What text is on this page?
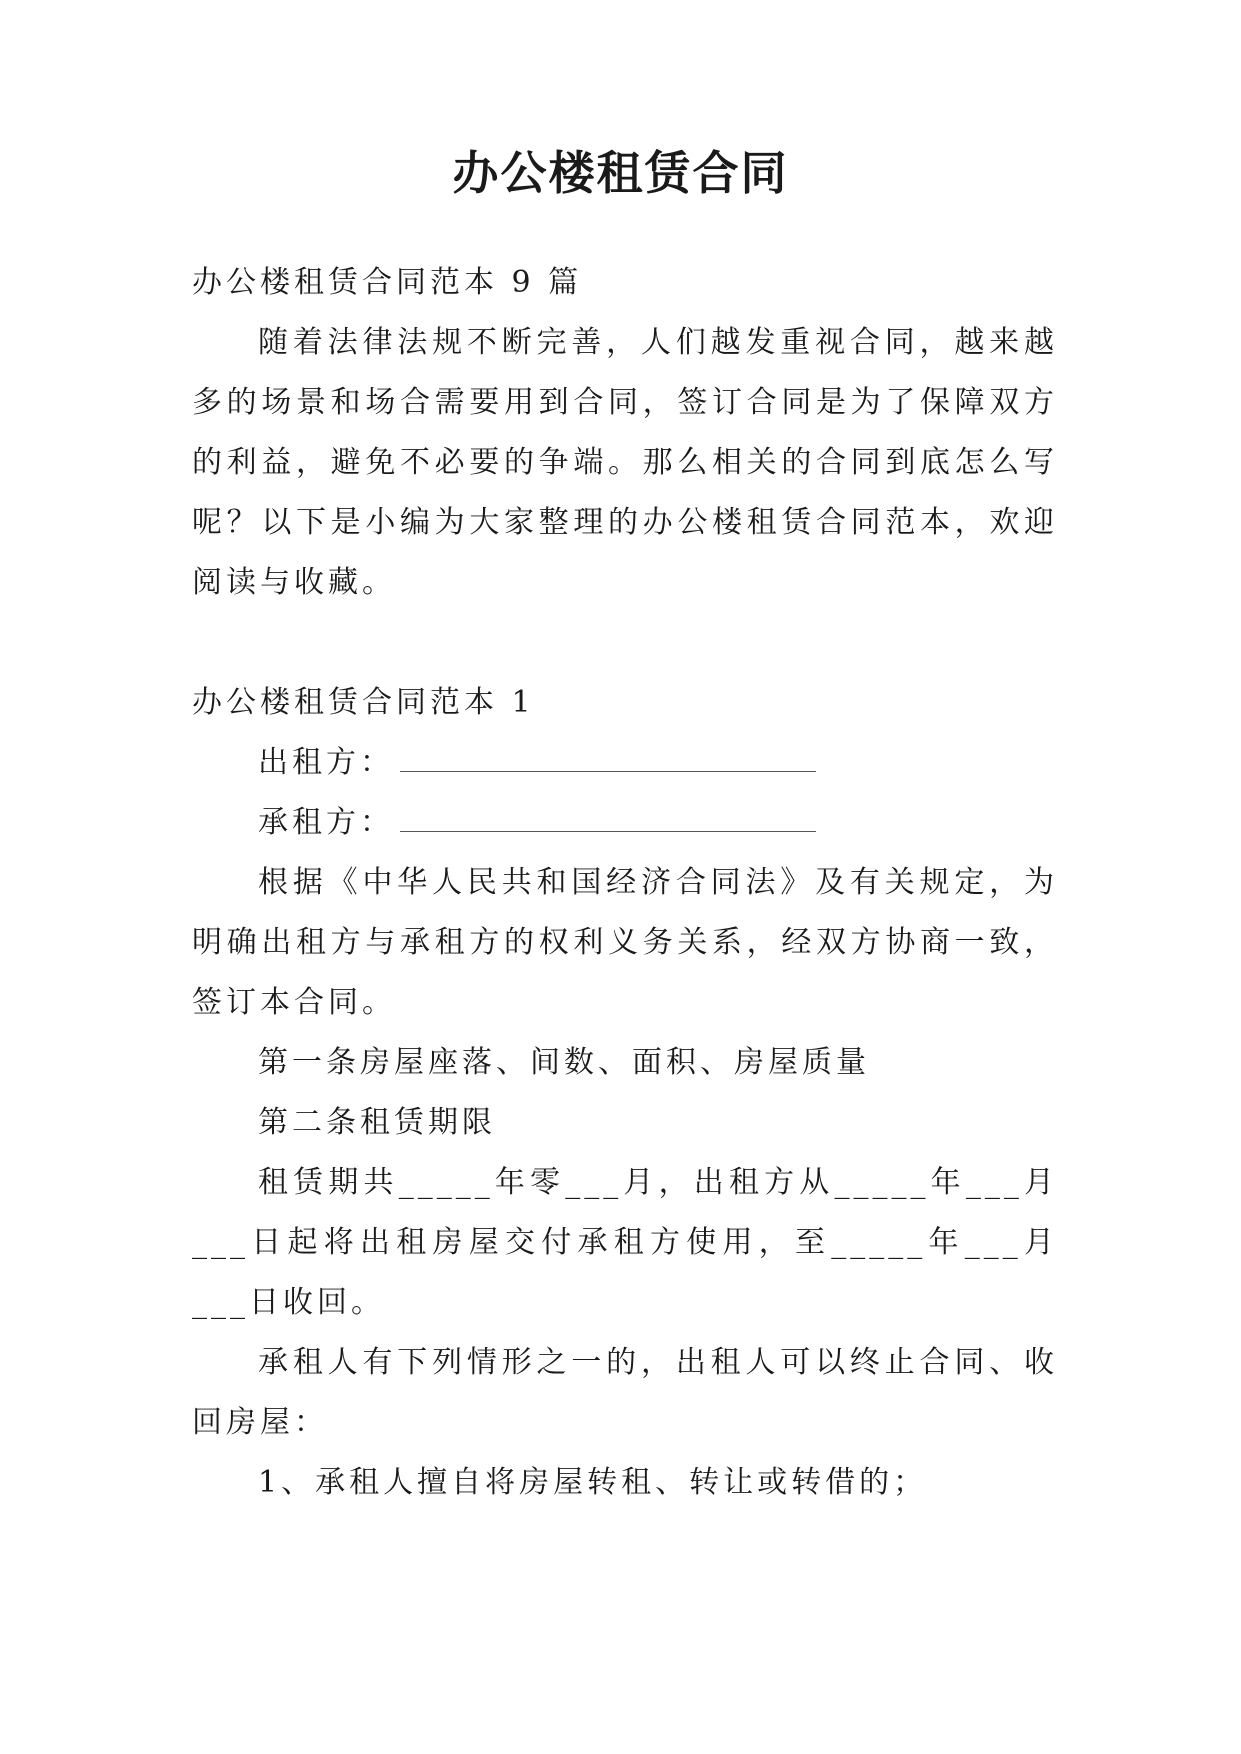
办公楼租赁合同

办公楼租赁合同范本 9 篇

随着法律法规不断完善，人们越发重视合同，越来越多的场景和场合需要用到合同，签订合同是为了保障双方的利益，避免不必要的争端。那么相关的合同到底怎么写呢？以下是小编为大家整理的办公楼租赁合同范本，欢迎阅读与收藏。

办公楼租赁合同范本 1

出租方：

承租方：

根据《中华人民共和国经济合同法》及有关规定，为明确出租方与承租方的权利义务关系，经双方协商一致，签订本合同。

第一条房屋座落、间数、面积、房屋质量

第二条租赁期限

租赁期共_____年零___月，出租方从_____年___月___日起将出租房屋交付承租方使用，至_____年___月___日收回。

承租人有下列情形之一的，出租人可以终止合同、收回房屋：

1、承租人擅自将房屋转租、转让或转借的；
